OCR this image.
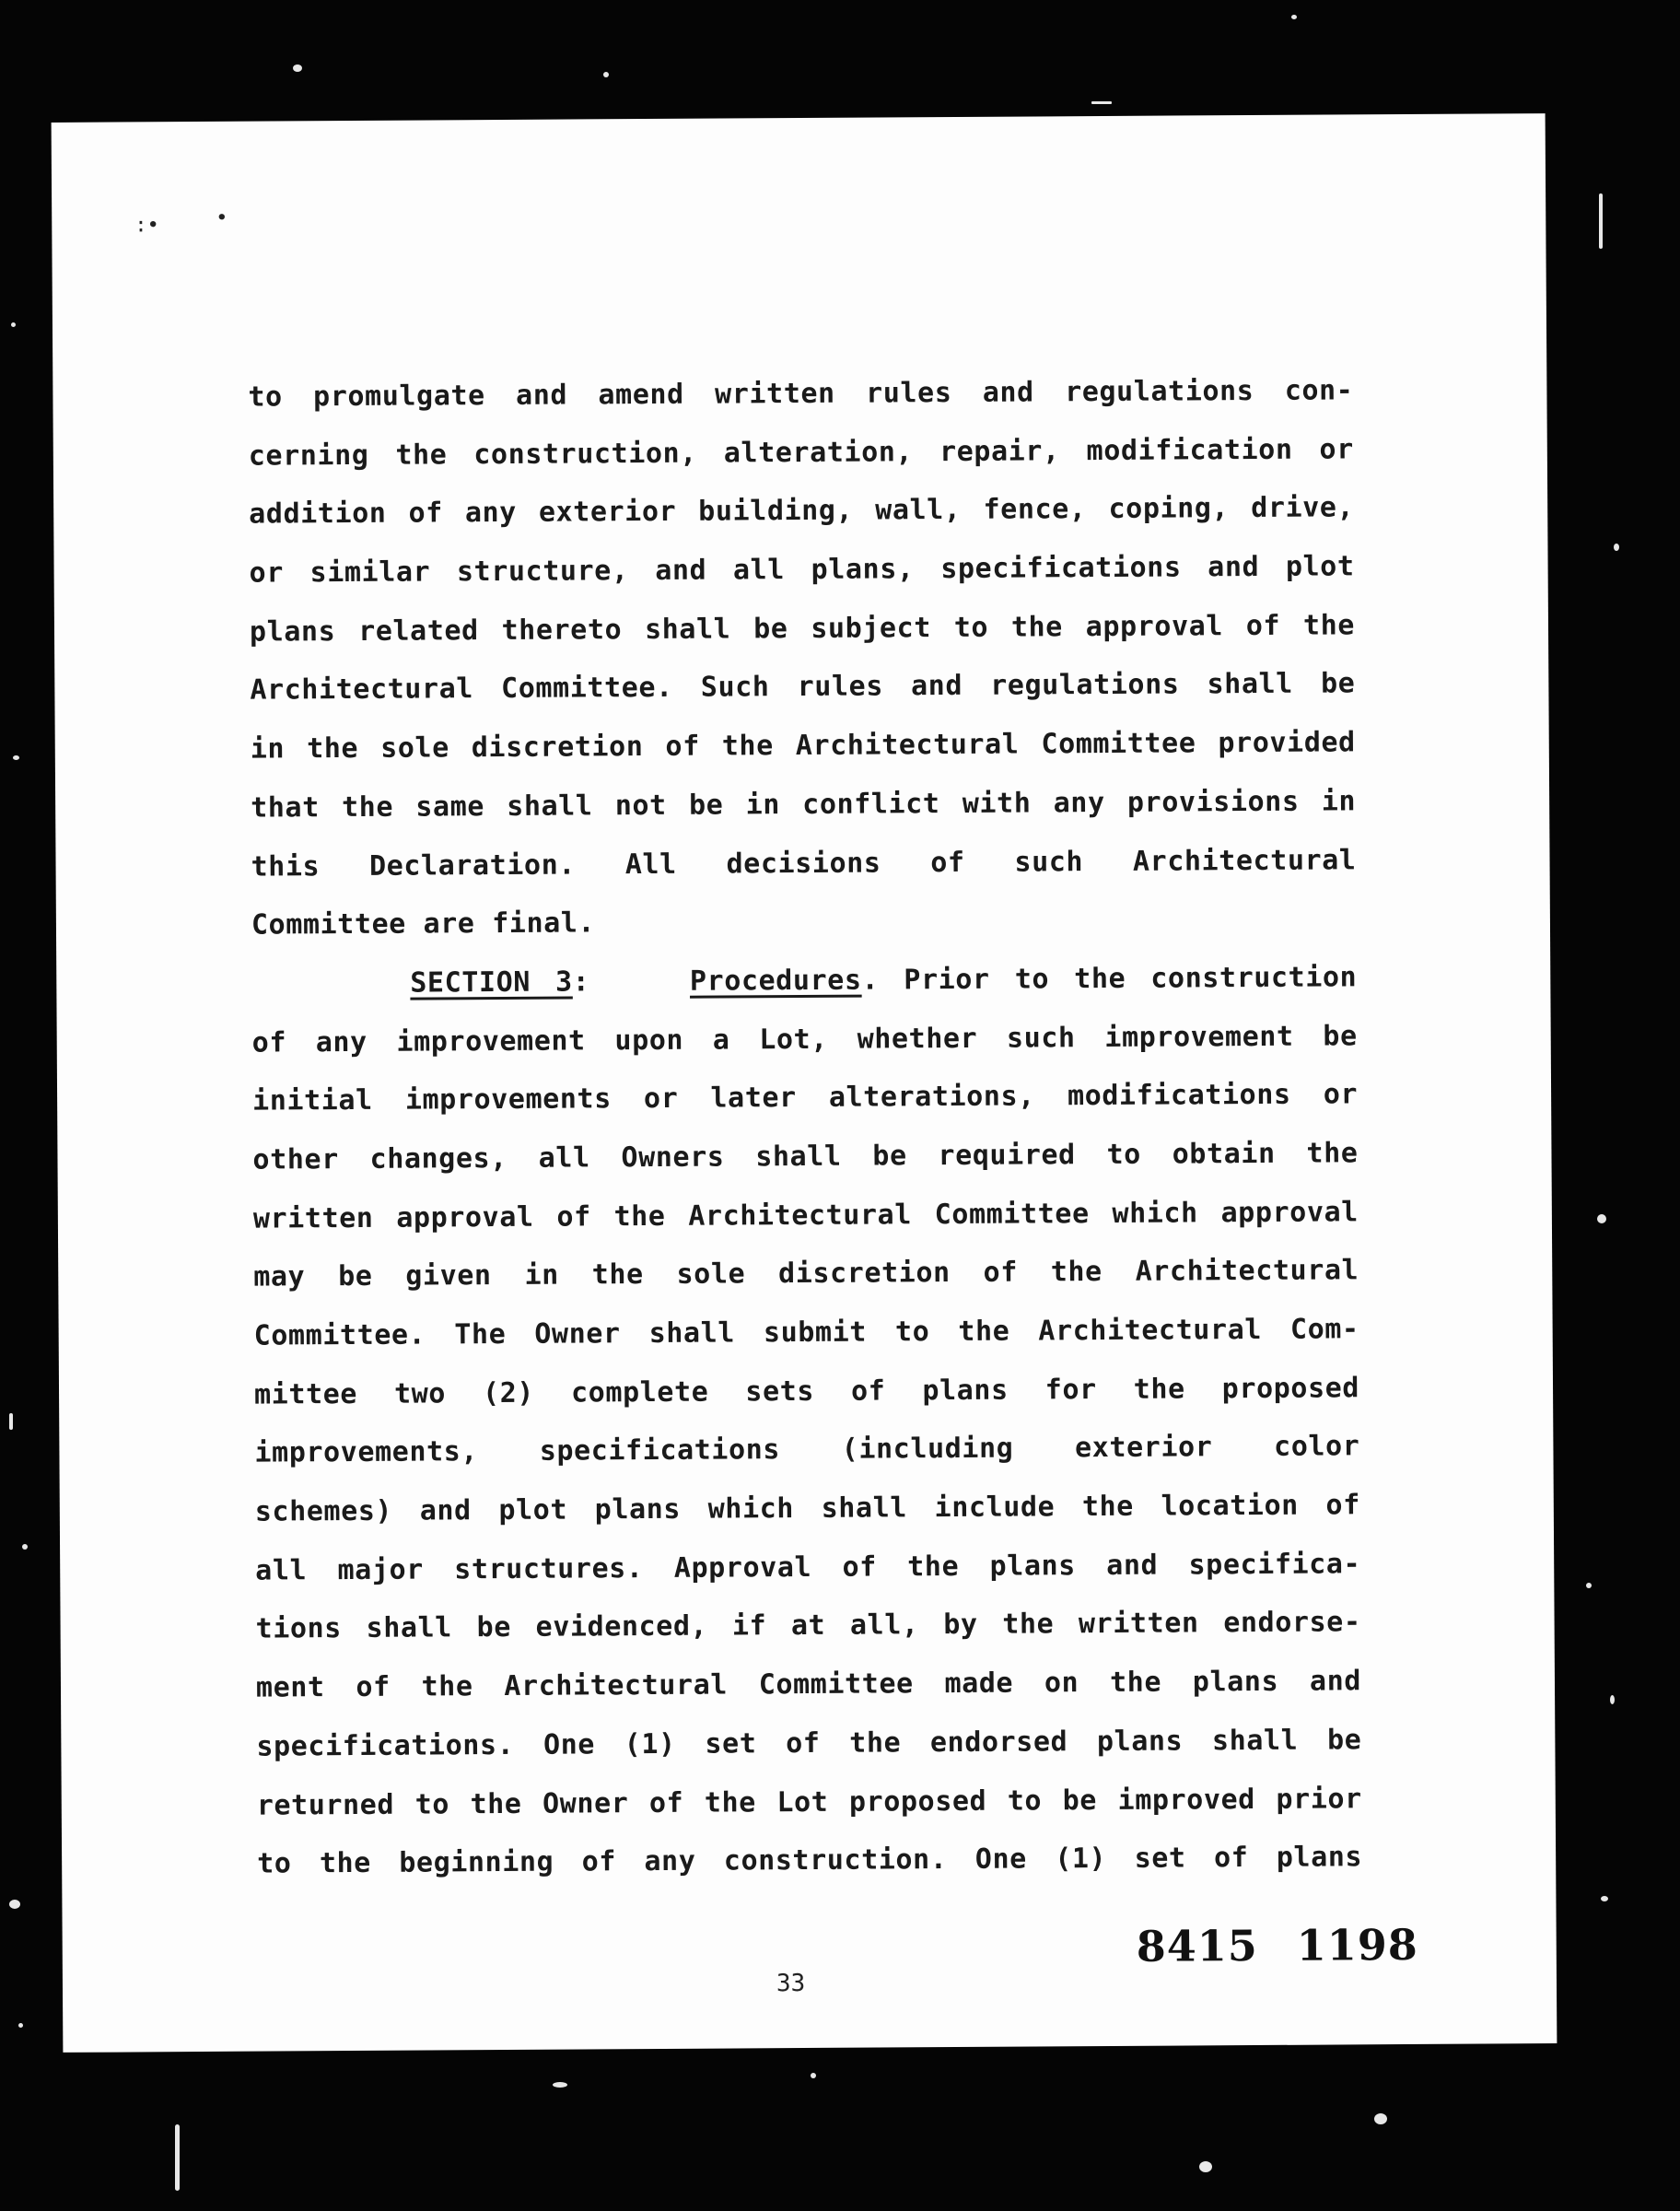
:•	∙
to promulgate and amend written rules and regulations con-
cerning the construction, alteration, repair, modification or
addition of any exterior building, wall, fence, coping, drive,
or similar structure, and all plans, specifications and plot
plans related thereto shall be subject to the approval of the
Architectural Committee. Such rules and regulations shall be
in the sole discretion of the Architectural Committee provided
that the same shall not be in conflict with any provisions in
this Declaration. All decisions of such Architectural
Committee are final.
SECTION 3:	Procedures. Prior to the construction
of any improvement upon a Lot, whether such improvement be
initial improvements or later alterations, modifications or
other changes, all Owners shall be required to obtain the
written approval of the Architectural Committee which approval
may be given in the sole discretion of the Architectural
Committee. The Owner shall submit to the Architectural Com-
mittee two (2) complete sets of plans for the proposed
improvements, specifications (including exterior color
schemes) and plot plans which shall include the location of
all major structures. Approval of the plans and specifica-
tions shall be evidenced, if at all, by the written endorse-
ment of the Architectural Committee made on the plans and
specifications. One (1) set of the endorsed plans shall be
returned to the Owner of the Lot proposed to be improved prior
to the beginning of any construction. One (1) set of plans
33
8415 1198
